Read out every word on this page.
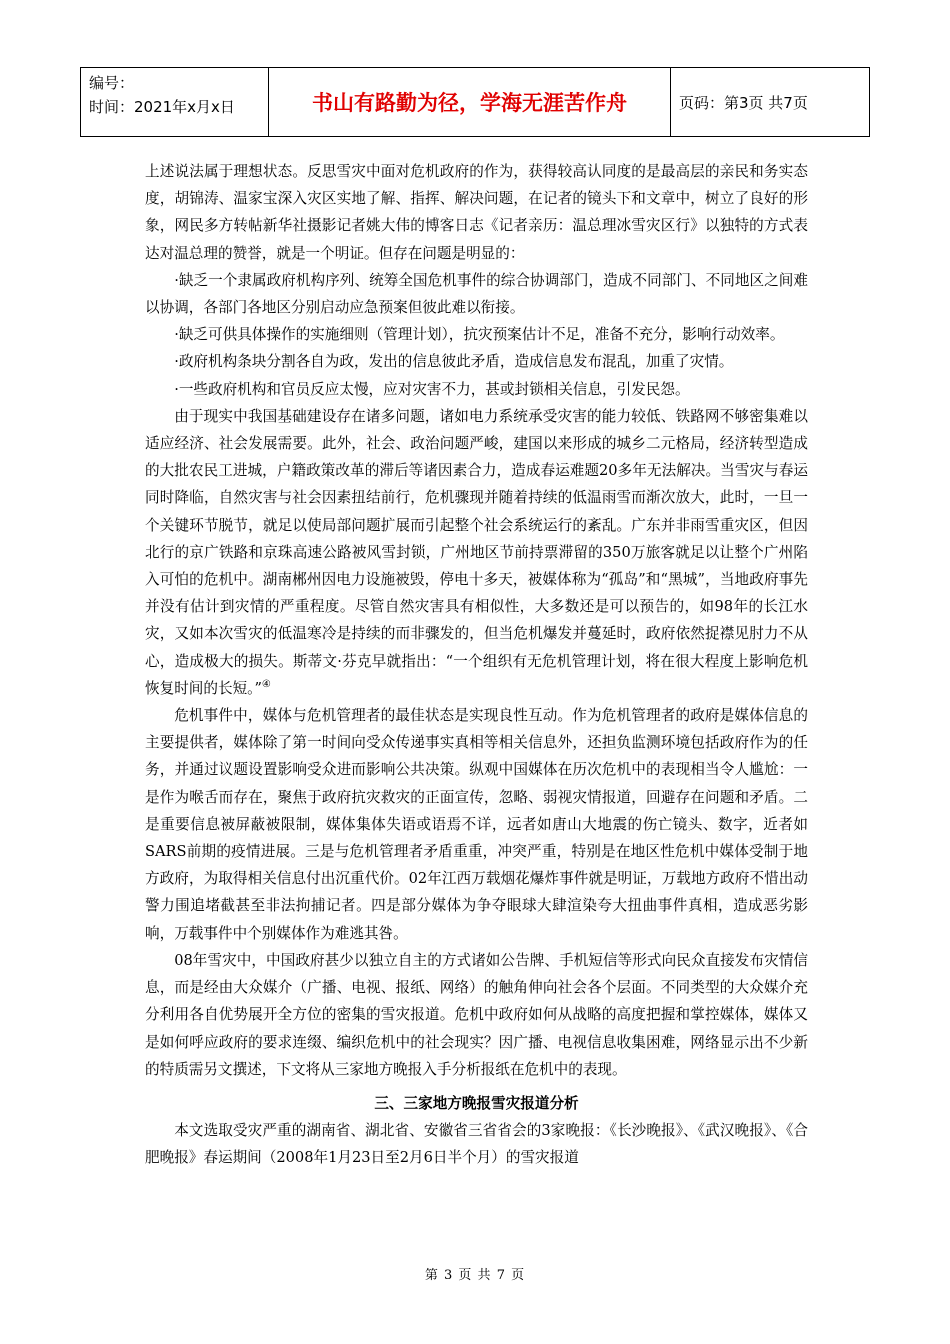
编号：
时间：2021年x月x日	书山有路勤为径，学海无涯苦作舟	页码：第3页 共7页

上述说法属于理想状态。反思雪灾中面对危机政府的作为，获得较高认同度的是最高层的亲民和务实态度，胡锦涛、温家宝深入灾区实地了解、指挥、解决问题，在记者的镜头下和文章中，树立了良好的形象，网民多方转帖新华社摄影记者姚大伟的博客日志《记者亲历：温总理冰雪灾区行》以独特的方式表达对温总理的赞誉，就是一个明证。但存在问题是明显的：

·缺乏一个隶属政府机构序列、统筹全国危机事件的综合协调部门，造成不同部门、不同地区之间难以协调，各部门各地区分别启动应急预案但彼此难以衔接。

·缺乏可供具体操作的实施细则（管理计划），抗灾预案估计不足，准备不充分，影响行动效率。

·政府机构条块分割各自为政，发出的信息彼此矛盾，造成信息发布混乱，加重了灾情。

·一些政府机构和官员反应太慢，应对灾害不力，甚或封锁相关信息，引发民怨。

由于现实中我国基础建设存在诸多问题，诸如电力系统承受灾害的能力较低、铁路网不够密集难以适应经济、社会发展需要。此外，社会、政治问题严峻，建国以来形成的城乡二元格局，经济转型造成的大批农民工进城，户籍政策改革的滞后等诸因素合力，造成春运难题20多年无法解决。当雪灾与春运同时降临，自然灾害与社会因素扭结前行，危机骤现并随着持续的低温雨雪而渐次放大，此时，一旦一个关键环节脱节，就足以使局部问题扩展而引起整个社会系统运行的紊乱。广东并非雨雪重灾区，但因北行的京广铁路和京珠高速公路被风雪封锁，广州地区节前持票滞留的350万旅客就足以让整个广州陷入可怕的危机中。湖南郴州因电力设施被毁，停电十多天，被媒体称为“孤岛”和“黑城”，当地政府事先并没有估计到灾情的严重程度。尽管自然灾害具有相似性，大多数还是可以预告的，如98年的长江水灾，又如本次雪灾的低温寒冷是持续的而非骤发的，但当危机爆发并蔓延时，政府依然捉襟见肘力不从心，造成极大的损失。斯蒂文·芬克早就指出：“一个组织有无危机管理计划，将在很大程度上影响危机恢复时间的长短。”④

危机事件中，媒体与危机管理者的最佳状态是实现良性互动。作为危机管理者的政府是媒体信息的主要提供者，媒体除了第一时间向受众传递事实真相等相关信息外，还担负监测环境包括政府作为的任务，并通过议题设置影响受众进而影响公共决策。纵观中国媒体在历次危机中的表现相当令人尴尬：一是作为喉舌而存在，聚焦于政府抗灾救灾的正面宣传，忽略、弱视灾情报道，回避存在问题和矛盾。二是重要信息被屏蔽被限制，媒体集体失语或语焉不详，远者如唐山大地震的伤亡镜头、数字，近者如SARS前期的疫情进展。三是与危机管理者矛盾重重，冲突严重，特别是在地区性危机中媒体受制于地方政府，为取得相关信息付出沉重代价。02年江西万载烟花爆炸事件就是明证，万载地方政府不惜出动警力围追堵截甚至非法拘捕记者。四是部分媒体为争夺眼球大肆渲染夸大扭曲事件真相，造成恶劣影响，万载事件中个别媒体作为难逃其咎。

08年雪灾中，中国政府甚少以独立自主的方式诸如公告牌、手机短信等形式向民众直接发布灾情信息，而是经由大众媒介（广播、电视、报纸、网络）的触角伸向社会各个层面。不同类型的大众媒介充分利用各自优势展开全方位的密集的雪灾报道。危机中政府如何从战略的高度把握和掌控媒体，媒体又是如何呼应政府的要求连缀、编织危机中的社会现实？因广播、电视信息收集困难，网络显示出不少新的特质需另文撰述，下文将从三家地方晚报入手分析报纸在危机中的表现。

三、三家地方晚报雪灾报道分析

本文选取受灾严重的湖南省、湖北省、安徽省三省省会的3家晚报：《长沙晚报》、《武汉晚报》、《合肥晚报》春运期间（2008年1月23日至2月6日半个月）的雪灾报道

第 3 页 共 7 页
